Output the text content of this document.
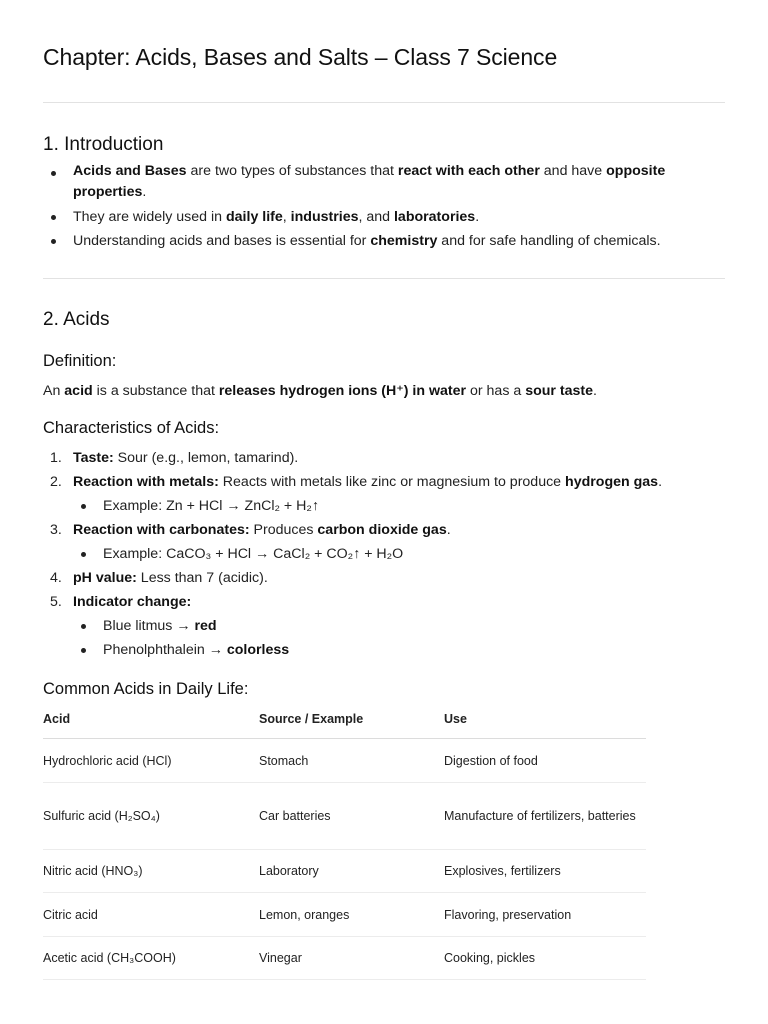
Chapter: Acids, Bases and Salts – Class 7 Science
1. Introduction
Acids and Bases are two types of substances that react with each other and have opposite properties.
They are widely used in daily life, industries, and laboratories.
Understanding acids and bases is essential for chemistry and for safe handling of chemicals.
2. Acids
Definition:
An acid is a substance that releases hydrogen ions (H⁺) in water or has a sour taste.
Characteristics of Acids:
1. Taste: Sour (e.g., lemon, tamarind).
2. Reaction with metals: Reacts with metals like zinc or magnesium to produce hydrogen gas.
Example: Zn + HCl → ZnCl₂ + H₂↑
3. Reaction with carbonates: Produces carbon dioxide gas.
Example: CaCO₃ + HCl → CaCl₂ + CO₂↑ + H₂O
4. pH value: Less than 7 (acidic).
5. Indicator change:
Blue litmus → red
Phenolphthalein → colorless
Common Acids in Daily Life:
Acid	Source / Example	Use
Hydrochloric acid (HCl)	Stomach	Digestion of food
Sulfuric acid (H₂SO₄)	Car batteries	Manufacture of fertilizers, batteries
Nitric acid (HNO₃)	Laboratory	Explosives, fertilizers
Citric acid	Lemon, oranges	Flavoring, preservation
Acetic acid (CH₃COOH)	Vinegar	Cooking, pickles
